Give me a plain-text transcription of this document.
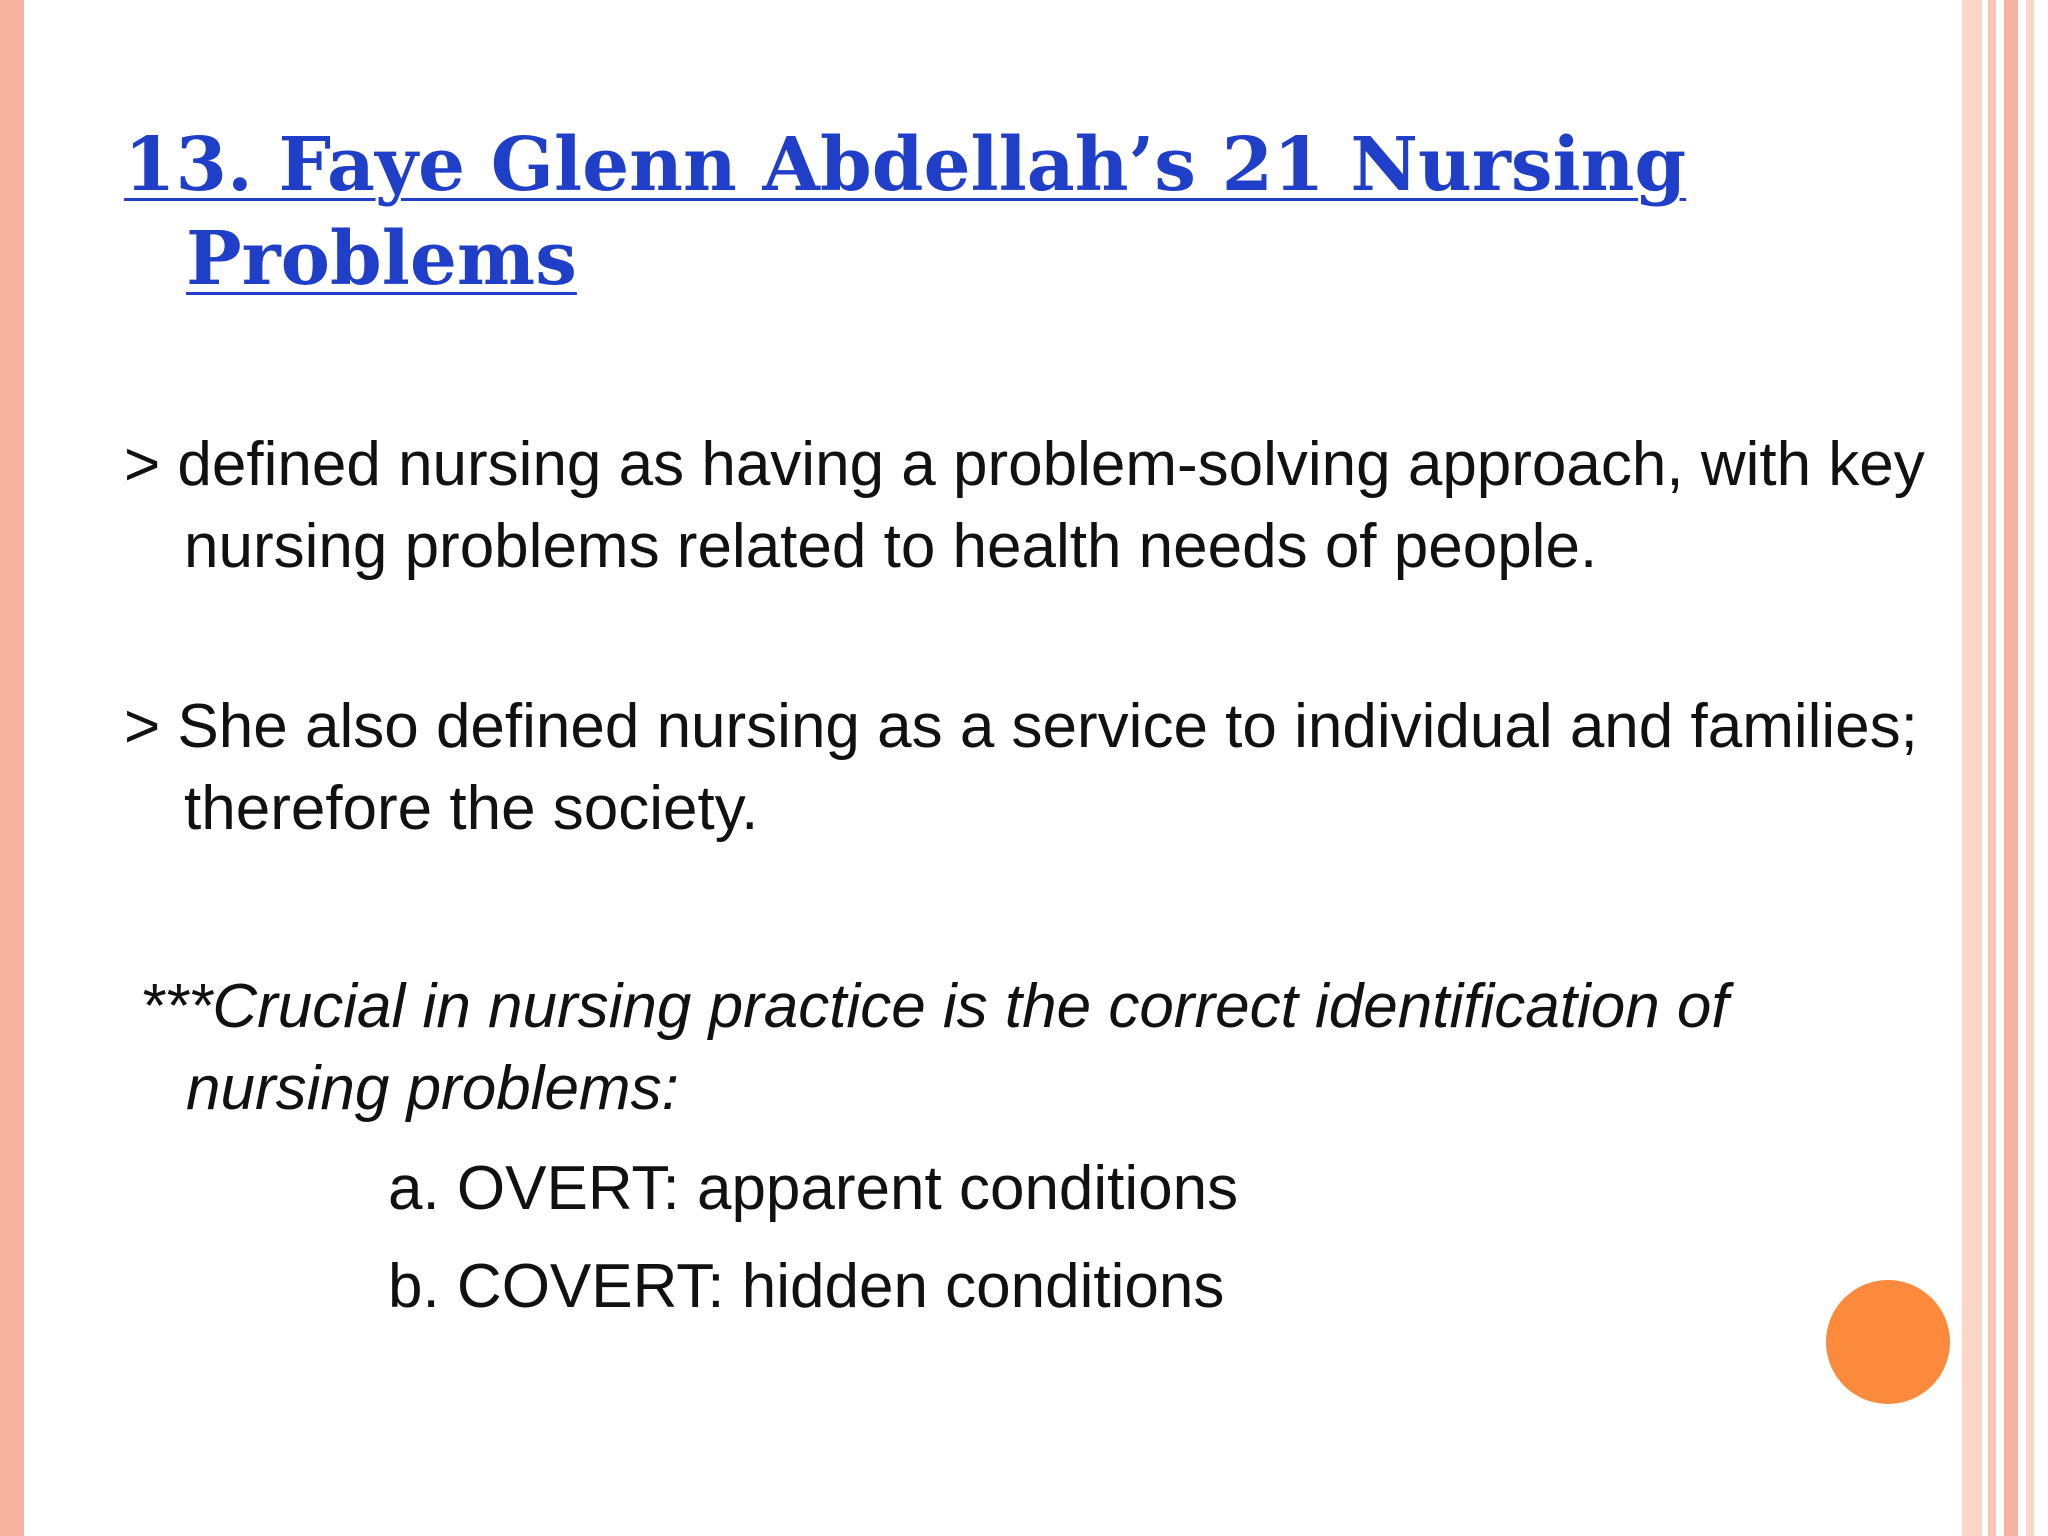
13. Faye Glenn Abdellah’s 21 Nursing
Problems

> defined nursing as having a problem-solving approach, with key nursing problems related to health needs of people.

> She also defined nursing as a service to individual and families; therefore the society.

***Crucial in nursing practice is the correct identification of
nursing problems:

a. OVERT: apparent conditions

b. COVERT: hidden conditions
